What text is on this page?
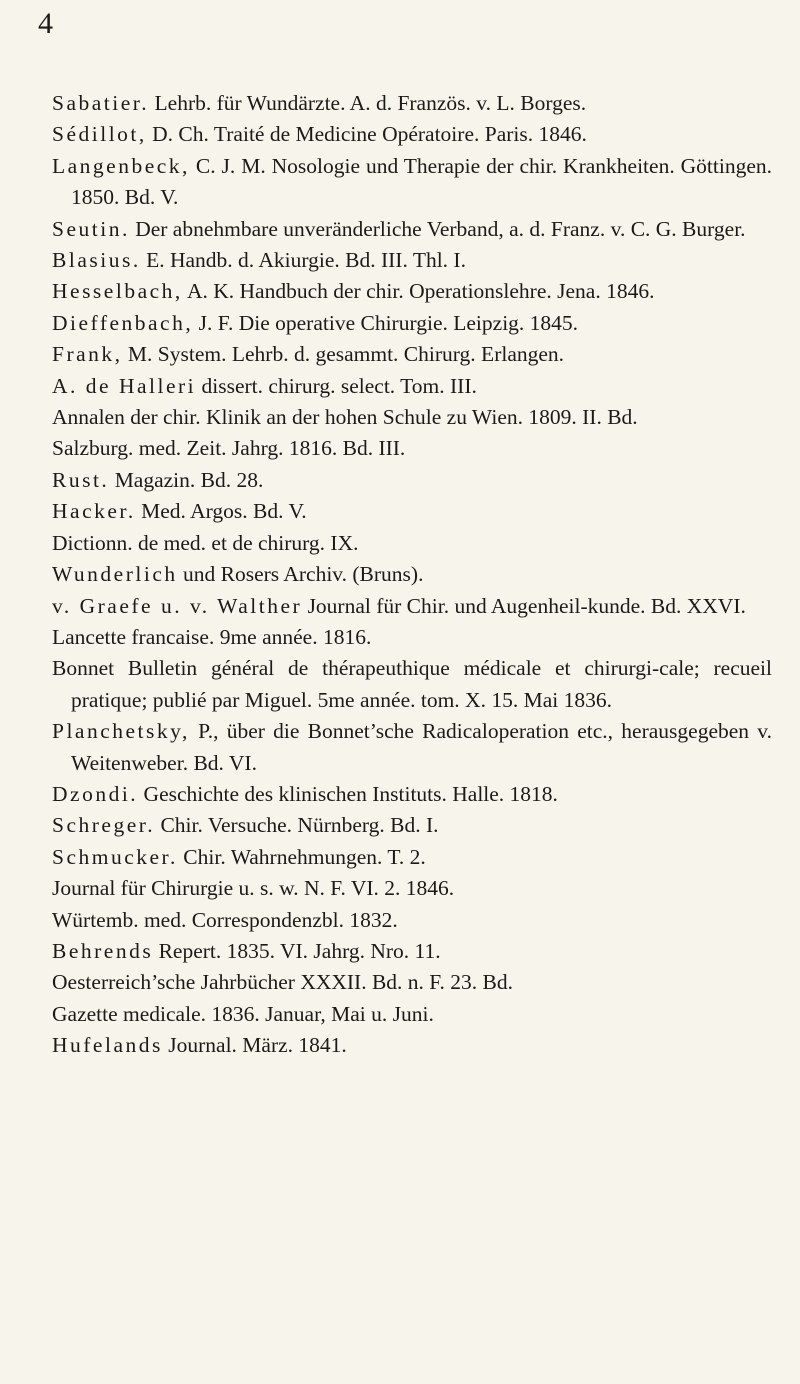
4
Sabatier. Lehrb. für Wundärzte. A. d. Französ. v. L. Borges.
Sédillot, D. Ch. Traité de Medicine Opératoire. Paris. 1846.
Langenbeck, C. J. M. Nosologie und Therapie der chir. Krankheiten. Göttingen. 1850. Bd. V.
Seutin. Der abnehmbare unveränderliche Verband, a. d. Franz. v. C. G. Burger.
Blasius. E. Handb. d. Akiurgie. Bd. III. Thl. I.
Hesselbach, A. K. Handbuch der chir. Operationslehre. Jena. 1846.
Dieffenbach, J. F. Die operative Chirurgie. Leipzig. 1845.
Frank, M. System. Lehrb. d. gesammt. Chirurg. Erlangen.
A. de Halleri dissert. chirurg. select. Tom. III.
Annalen der chir. Klinik an der hohen Schule zu Wien. 1809. II. Bd.
Salzburg. med. Zeit. Jahrg. 1816. Bd. III.
Rust. Magazin. Bd. 28.
Hacker. Med. Argos. Bd. V.
Dictionn. de med. et de chirurg. IX.
Wunderlich und Rosers Archiv. (Bruns).
v. Graefe u. v. Walther Journal für Chir. und Augenheil-kunde. Bd. XXVI.
Lancette francaise. 9me année. 1816.
Bonnet Bulletin général de thérapeuthique médicale et chirurgi-cale; recueil pratique; publié par Miguel. 5me année. tom. X. 15. Mai 1836.
Planchetsky, P., über die Bonnet’sche Radicaloperation etc., herausgegeben v. Weitenweber. Bd. VI.
Dzondi. Geschichte des klinischen Instituts. Halle. 1818.
Schreger. Chir. Versuche. Nürnberg. Bd. I.
Schmucker. Chir. Wahrnehmungen. T. 2.
Journal für Chirurgie u. s. w. N. F. VI. 2. 1846.
Würtemb. med. Correspondenzbl. 1832.
Behrends Repert. 1835. VI. Jahrg. Nro. 11.
Oesterreich’sche Jahrbücher XXXII. Bd. n. F. 23. Bd.
Gazette medicale. 1836. Januar, Mai u. Juni.
Hufelands Journal. März. 1841.
